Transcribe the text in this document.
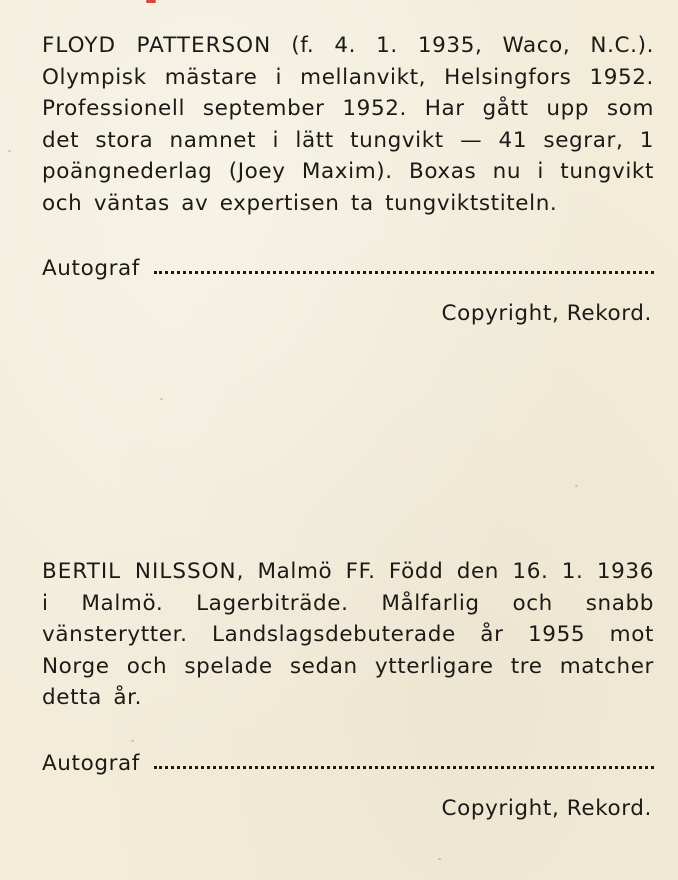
FLOYD PATTERSON (f. 4. 1. 1935, Waco, N.C.). Olympisk mästare i mellanvikt, Helsingfors 1952. Professionell september 1952. Har gått upp som det stora namnet i lätt tungvikt — 41 segrar, 1 poängnederlag (Joey Maxim). Boxas nu i tungvikt och väntas av expertisen ta tungviktstiteln.

Autograf
Copyright, Rekord.

BERTIL NILSSON, Malmö FF. Född den 16. 1. 1936 i Malmö. Lagerbiträde. Målfarlig och snabb vänsterytter. Landslagsdebuterade år 1955 mot Norge och spelade sedan ytterligare tre matcher detta år.

Autograf
Copyright, Rekord.
